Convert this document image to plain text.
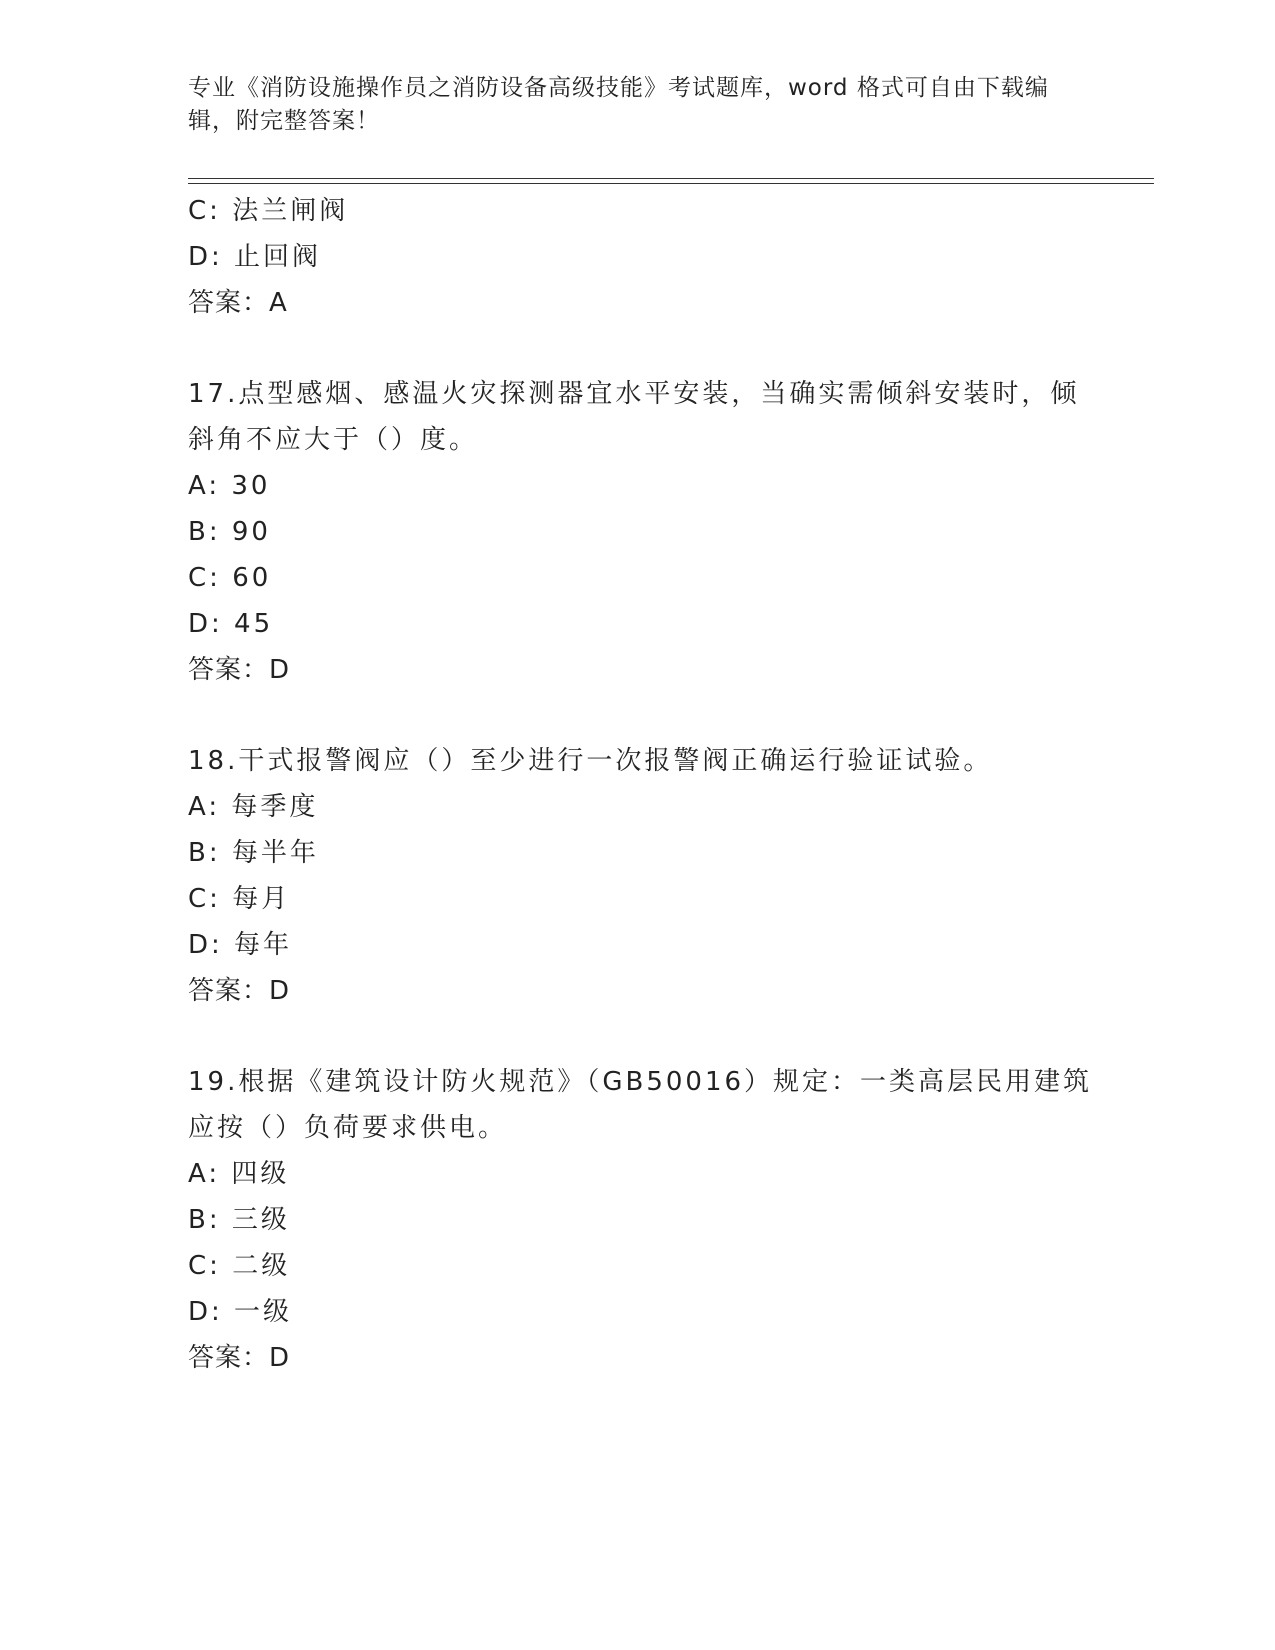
专业《消防设施操作员之消防设备高级技能》考试题库，word 格式可自由下载编辑，附完整答案！
C: 法兰闸阀
D: 止回阀
答案：A
17.点型感烟、感温火灾探测器宜水平安装，当确实需倾斜安装时，倾
斜角不应大于（）度。
A: 30
B: 90
C: 60
D: 45
答案：D
18.干式报警阀应（）至少进行一次报警阀正确运行验证试验。
A: 每季度
B: 每半年
C: 每月
D: 每年
答案：D
19.根据《建筑设计防火规范》（GB50016）规定：一类高层民用建筑
应按（）负荷要求供电。
A: 四级
B: 三级
C: 二级
D: 一级
答案：D
